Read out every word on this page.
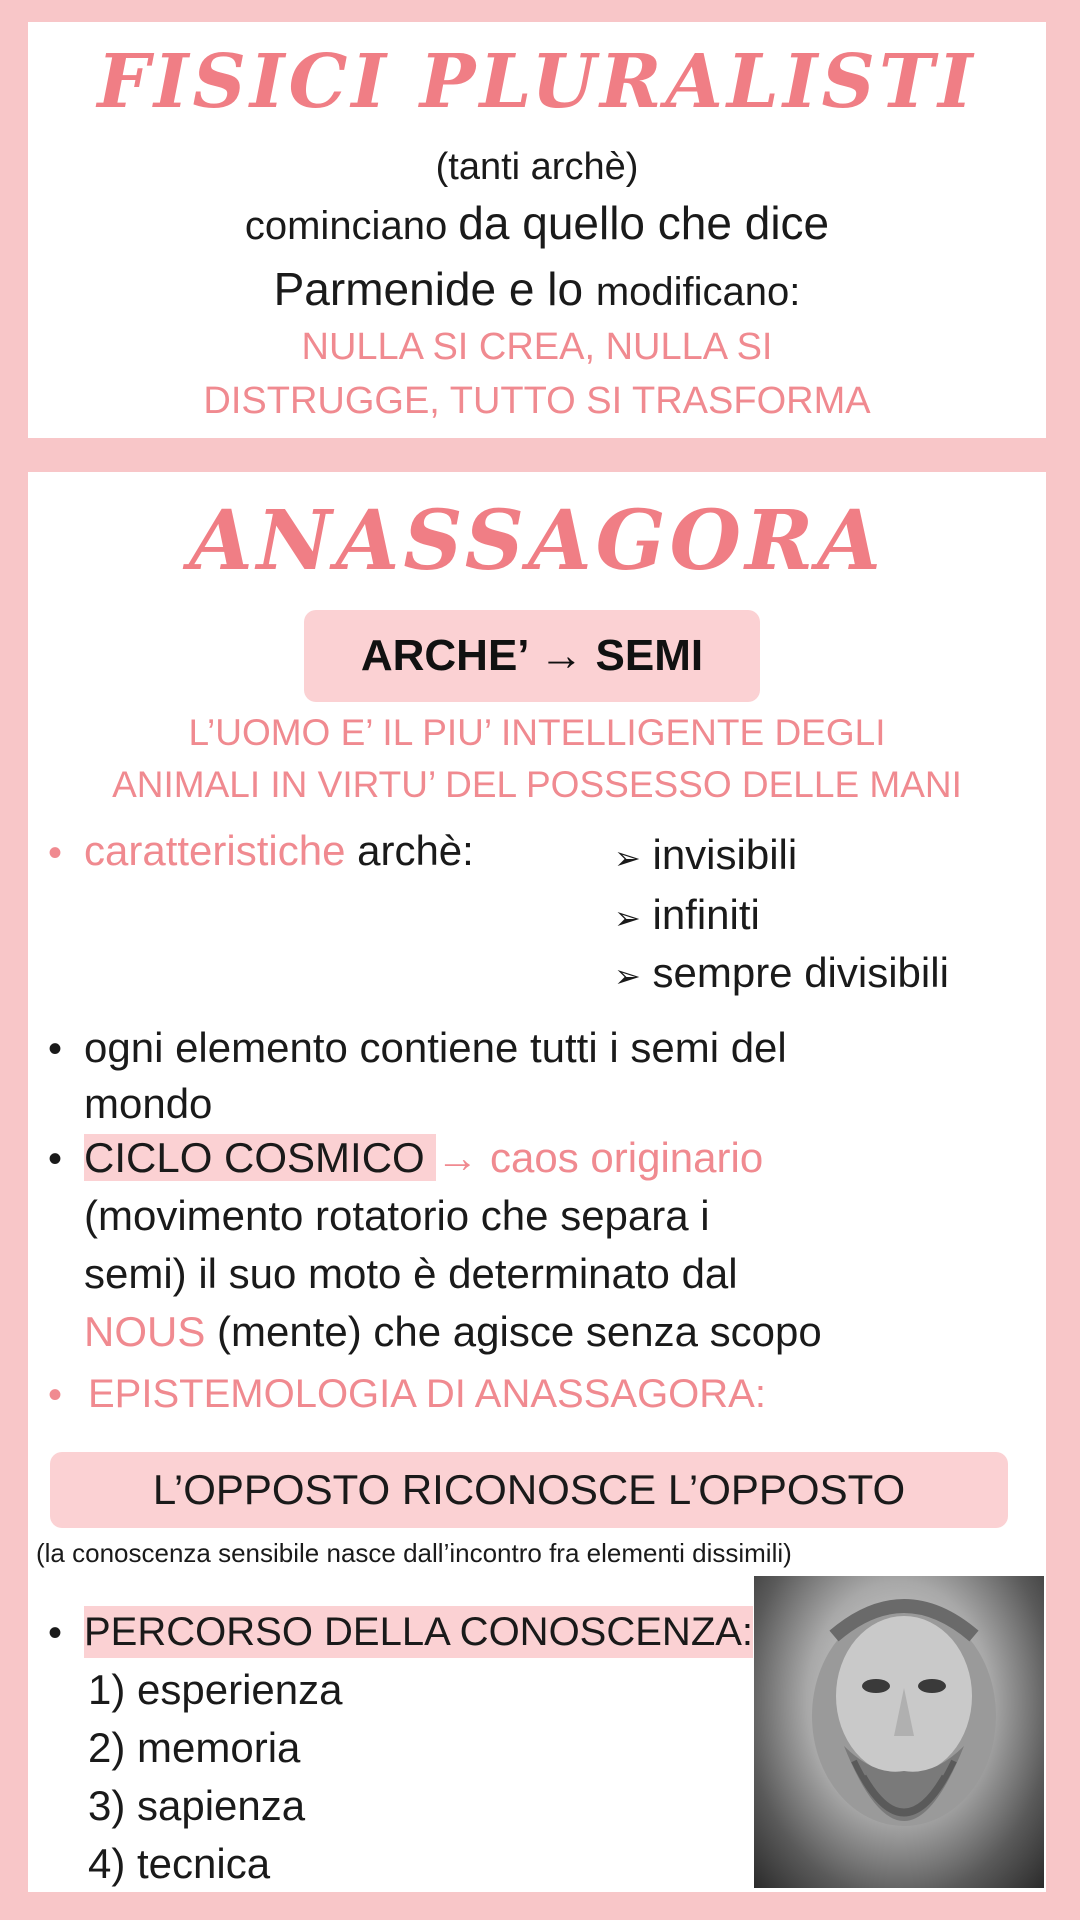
FISICI PLURALISTI
(tanti archè)
cominciano da quello che dice
Parmenide e lo modificano:
NULLA SI CREA, NULLA SI
DISTRUGGE, TUTTO SI TRASFORMA
ANASSAGORA
ARCHE’ → SEMI
L’UOMO E’ IL PIU’ INTELLIGENTE DEGLI
ANIMALI IN VIRTU’ DEL POSSESSO DELLE MANI
• caratteristiche archè:	➢ invisibili
➢ infiniti
➢ sempre divisibili
• ogni elemento contiene tutti i semi del
mondo
• CICLO COSMICO → caos originario
(movimento rotatorio che separa i
semi) il suo moto è determinato dal
NOUS (mente) che agisce senza scopo
• EPISTEMOLOGIA DI ANASSAGORA:
L’OPPOSTO RICONOSCE L’OPPOSTO
(la conoscenza sensibile nasce dall’incontro fra elementi dissimili)
• PERCORSO DELLA CONOSCENZA:
1) esperienza
2) memoria
3) sapienza
4) tecnica
